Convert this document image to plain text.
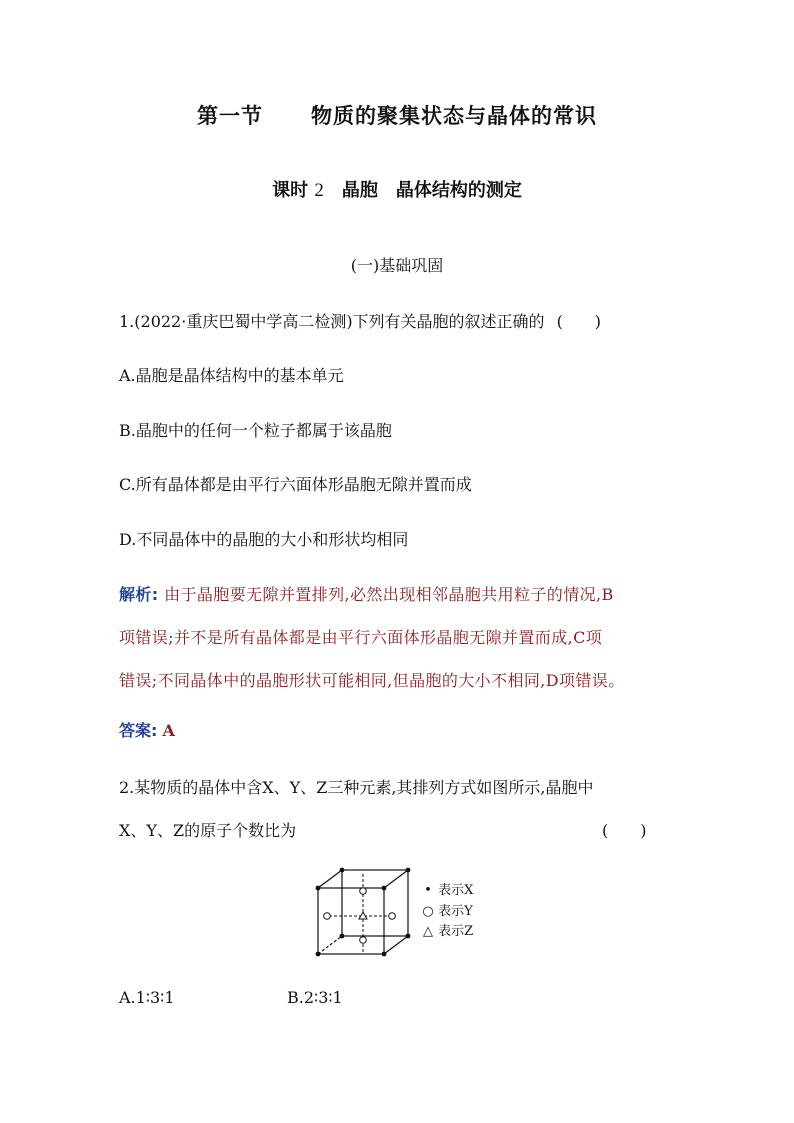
第一节 物质的聚集状态与晶体的常识
课时 2 晶胞 晶体结构的测定
(一)基础巩固
1.(2022·重庆巴蜀中学高二检测)下列有关晶胞的叙述正确的 (　　)
A.晶胞是晶体结构中的基本单元
B.晶胞中的任何一个粒子都属于该晶胞
C.所有晶体都是由平行六面体形晶胞无隙并置而成
D.不同晶体中的晶胞的大小和形状均相同
解析: 由于晶胞要无隙并置排列,必然出现相邻晶胞共用粒子的情况,B
项错误;并不是所有晶体都是由平行六面体形晶胞无隙并置而成,C项
错误;不同晶体中的晶胞形状可能相同,但晶胞的大小不相同,D项错误。
答案: A
2.某物质的晶体中含X、Y、Z三种元素,其排列方式如图所示,晶胞中
X、Y、Z的原子个数比为	(　　)
• 表示X
○ 表示Y
△ 表示Z
A.1∶3∶1	B.2∶3∶1
